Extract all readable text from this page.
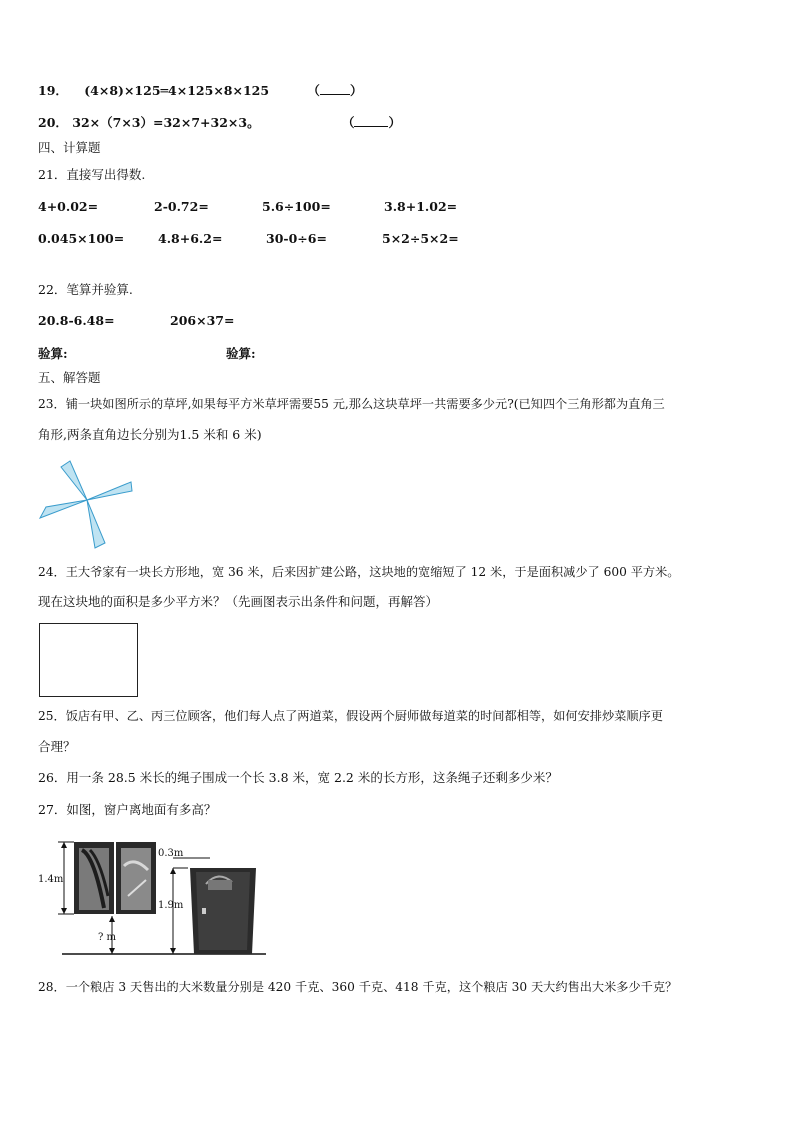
19． (4×8)×125═4×125×8×125	（ ）
20． 32×（7×3）=32×7+32×3。	（	）
四、计算题
21．直接写出得数.
4+0.02=	2-0.72=	5.6÷100=	3.8+1.02=
0.045×100=	4.8+6.2=	30-0÷6=	5×2÷5×2=
22．笔算并验算.
20.8-6.48=	206×37=
验算:	验算:
五、解答题
23．铺一块如图所示的草坪,如果每平方米草坪需要55 元,那么这块草坪一共需要多少元?(已知四个三角形都为直角三
角形,两条直角边长分别为1.5 米和 6 米)
24．王大爷家有一块长方形地，宽 36 米，后来因扩建公路，这块地的宽缩短了 12 米，于是面积减少了 600 平方米。
现在这块地的面积是多少平方米？（先画图表示出条件和问题，再解答）
25．饭店有甲、乙、丙三位顾客，他们每人点了两道菜，假设两个厨师做每道菜的时间都相等，如何安排炒菜顺序更
合理？
26．用一条 28.5 米长的绳子围成一个长 3.8 米，宽 2.2 米的长方形，这条绳子还剩多少米？
27．如图，窗户离地面有多高？
1.4m
? m
0.3m
1.9m
28．一个粮店 3 天售出的大米数量分别是 420 千克、360 千克、418 千克，这个粮店 30 天大约售出大米多少千克？
